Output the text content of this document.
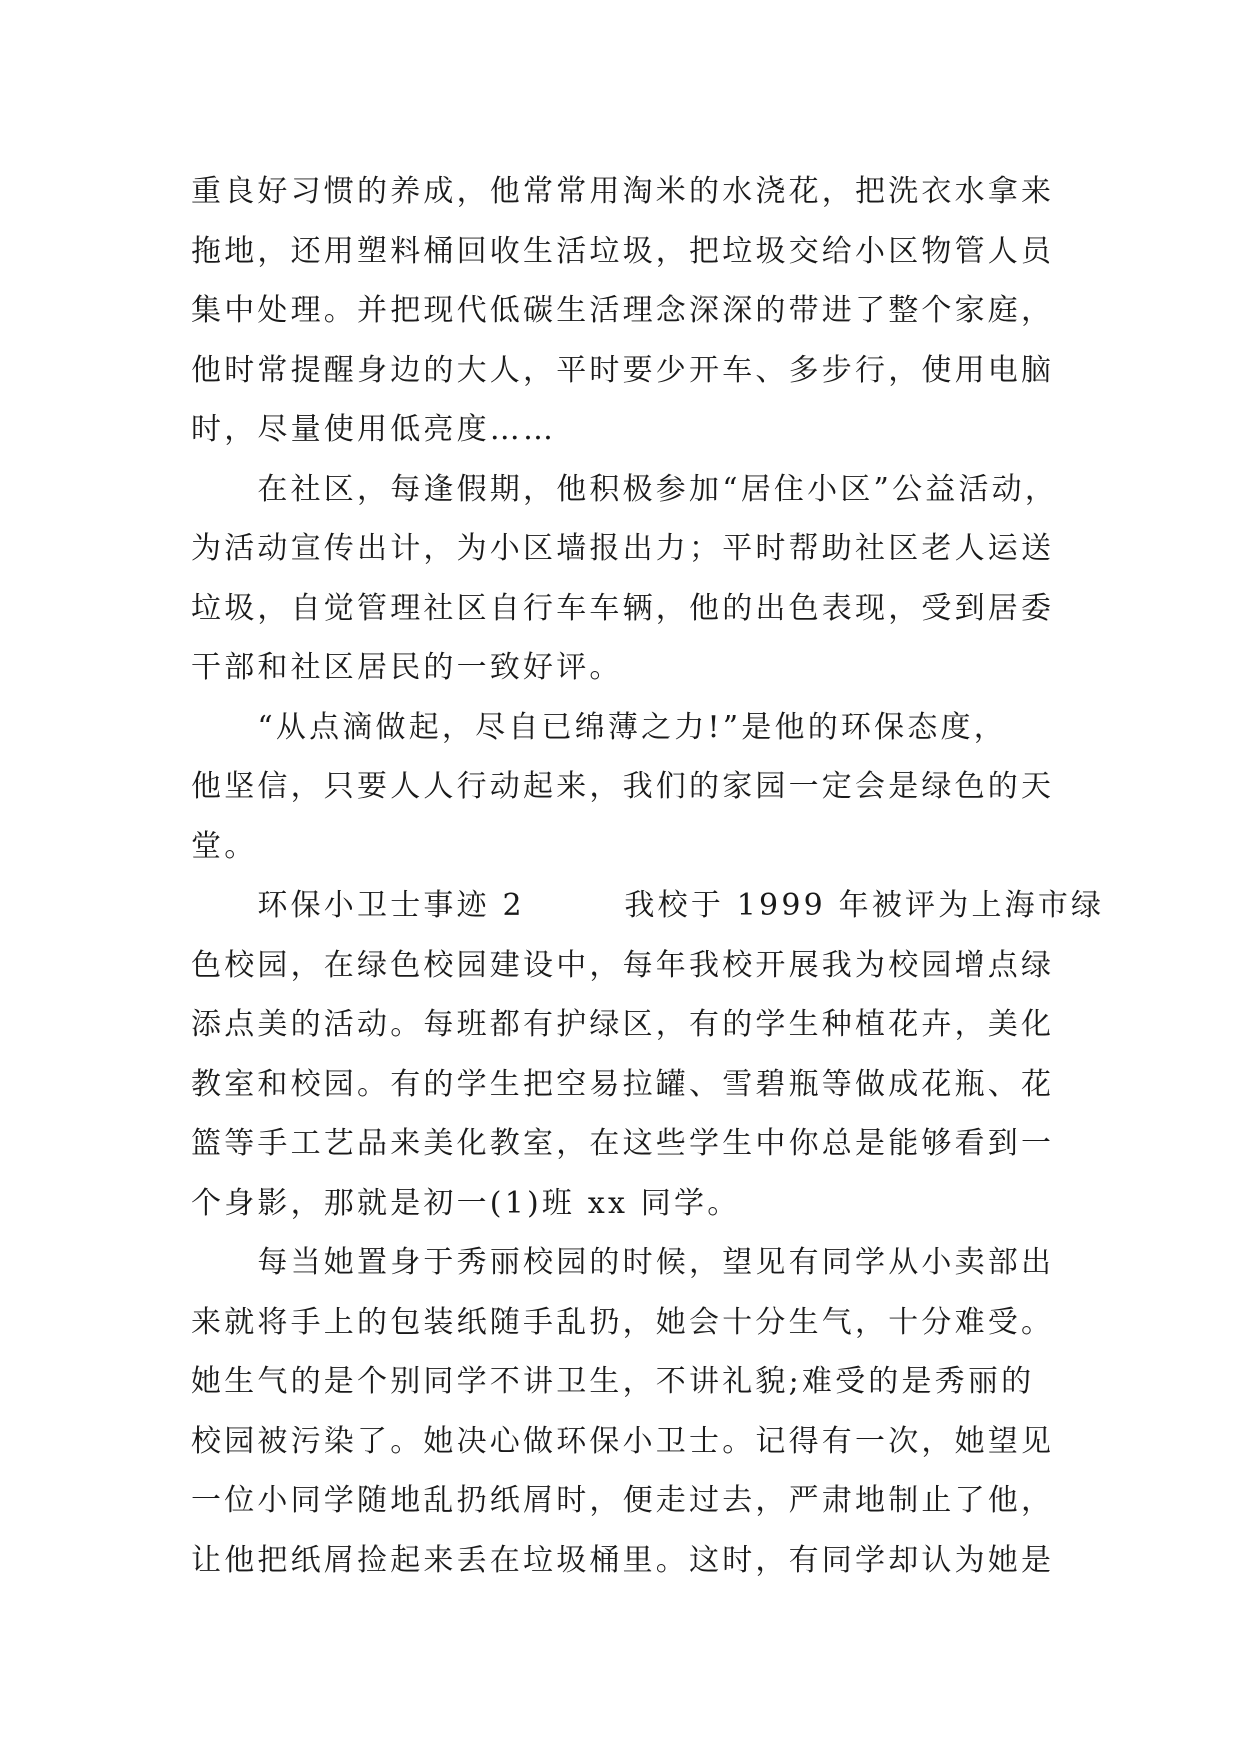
重良好习惯的养成，他常常用淘米的水浇花，把洗衣水拿来
拖地，还用塑料桶回收生活垃圾，把垃圾交给小区物管人员
集中处理。并把现代低碳生活理念深深的带进了整个家庭，
他时常提醒身边的大人，平时要少开车、多步行，使用电脑
时，尽量使用低亮度……
　　在社区，每逢假期，他积极参加“居住小区”公益活动，
为活动宣传出计，为小区墙报出力；平时帮助社区老人运送
垃圾，自觉管理社区自行车车辆，他的出色表现，受到居委
干部和社区居民的一致好评。
　　“从点滴做起，尽自已绵薄之力!”是他的环保态度，
他坚信，只要人人行动起来，我们的家园一定会是绿色的天
堂。
　　环保小卫士事迹 2　　　我校于 1999 年被评为上海市绿
色校园，在绿色校园建设中，每年我校开展我为校园增点绿
添点美的活动。每班都有护绿区，有的学生种植花卉，美化
教室和校园。有的学生把空易拉罐、雪碧瓶等做成花瓶、花
篮等手工艺品来美化教室，在这些学生中你总是能够看到一
个身影，那就是初一(1)班 xx 同学。
　　每当她置身于秀丽校园的时候，望见有同学从小卖部出
来就将手上的包装纸随手乱扔，她会十分生气，十分难受。
她生气的是个别同学不讲卫生，不讲礼貌;难受的是秀丽的
校园被污染了。她决心做环保小卫士。记得有一次，她望见
一位小同学随地乱扔纸屑时，便走过去，严肃地制止了他，
让他把纸屑捡起来丢在垃圾桶里。这时，有同学却认为她是
